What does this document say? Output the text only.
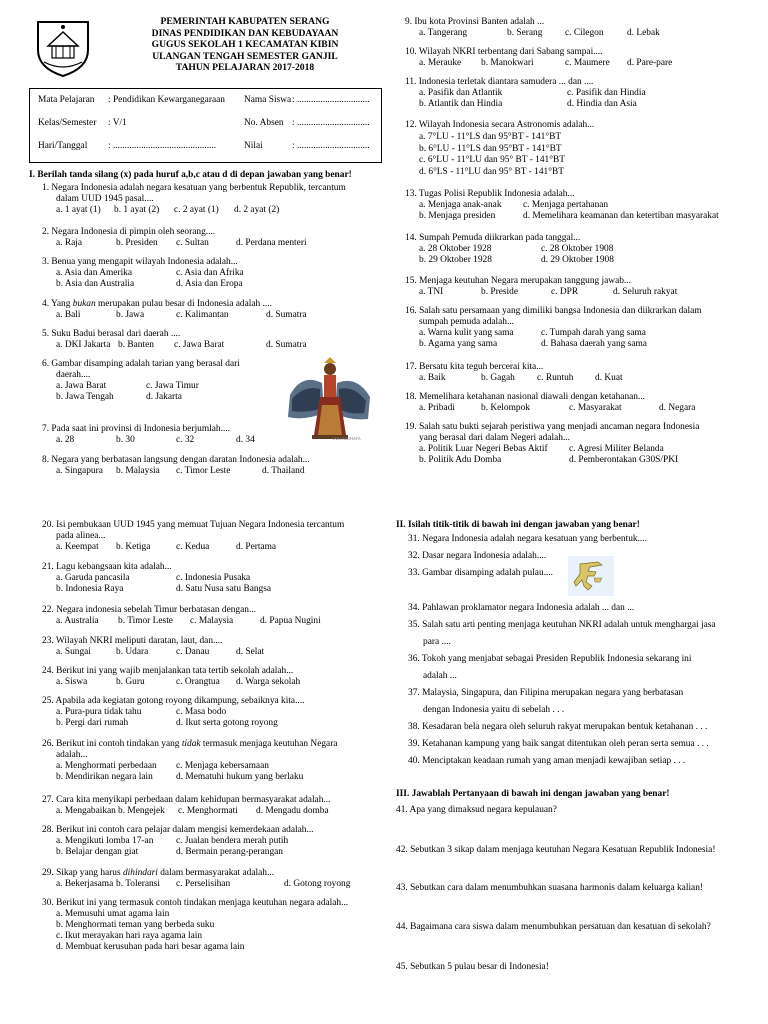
PEMERINTAH KABUPATEN SERANG
DINAS PENDIDIKAN DAN KEBUDAYAAN
GUGUS SEKOLAH 1 KECAMATAN KIBIN
ULANGAN TENGAH SEMESTER GANJIL
TAHUN PELAJARAN 2017-2018
Mata Pelajaran : Pendidikan Kewarganegaraan Nama Siswa : ...............................
Kelas/Semester : V/1	No. Absen : ...............................
Hari/Tanggal : ............................................	Nilai	: ...............................
I. Berilah tanda silang (x) pada huruf a,b,c atau d di depan jawaban yang benar!
1. Negara Indonesia adalah negara kesatuan yang berbentuk Republik, tercantum
dalam UUD 1945 pasal....
a. 1 ayat (1) b. 1 ayat (2) c. 2 ayat (1) d. 2 ayat (2)
2. Negara Indonesia di pimpin oleh seorang....
a. Raja	b. Presiden c. Sultan	d. Perdana menteri
3. Benua yang mengapit wilayah Indonesia adalah...
a. Asia dan Amerika	c. Asia dan Afrika
b. Asia dan Australia	d. Asia dan Eropa
4. Yang bukan merupakan pulau besar di Indonesia adalah ....
a. Bali	b. Jawa	c. Kalimantan	d. Sumatra
5. Suku Badui berasal dari daerah ....
a. DKI Jakarta b. Banten c. Jawa Barat	d. Sumatra
6. Gambar disamping adalah tarian yang berasal dari
daerah....
a. Jawa Barat	c. Jawa Timur
b. Jawa Tengah	d. Jakarta
TARI BEDHAYA
7. Pada saat ini provinsi di Indonesia berjumlah....
a. 28	b. 30	c. 32	d. 34
8. Negara yang berbatasan langsung dengan daratan Indonesia adalah...
a. Singapura b. Malaysia c. Timor Leste	d. Thailand
9. Ibu kota Provinsi Banten adalah ...
a. Tangerang	b. Serang c. Cilegon d. Lebak
10. Wilayah NKRI terbentang dari Sabang sampai....
a. Merauke b. Manokwari	c. Maumere d. Pare-pare
11. Indonesia terletak diantara samudera ... dan ....
a. Pasifik dan Atlantik	c. Pasifik dan Hindia
b. Atlantik dan Hindia	d. Hindia dan Asia
12. Wilayah Indonesia secara Astronomis adalah...
a. 7°LU - 11°LS dan 95°BT - 141°BT
b. 6°LU - 11°LS dan 95°BT - 141°BT
c. 6°LU - 11°LU dan 95° BT - 141°BT
d. 6°LS - 11°LU dan 95° BT - 141°BT
13. Tugas Polisi Republik Indonesia adalah...
a. Menjaga anak-anak c. Menjaga pertahanan
b. Menjaga presiden	d. Memelihara keamanan dan ketertiban masyarakat
14. Sumpah Pemuda diikrarkan pada tanggal...
a. 28 Oktober 1928	c. 28 Oktober 1908
b. 29 Oktober 1928	d. 29 Oktober 1908
15. Menjaga keutuhan Negara merupakan tanggung jawab...
a. TNI	b. Preside	c. DPR	d. Seluruh rakyat
16. Salah satu persamaan yang dimiliki bangsa Indonesia dan diikrarkan dalam
sumpah pemuda adalah...
a. Warna kulit yang sama	c. Tumpah darah yang sama
b. Agama yang sama	d. Bahasa daerah yang sama
17. Bersatu kita teguh bercerai kita...
a. Baik	b. Gagah c. Runtuh d. Kuat
18. Memelihara ketahanan nasional diawali dengan ketahanan...
a. Pribadi	b. Kelompok	c. Masyarakat	d. Negara
19. Salah satu bukti sejarah peristiwa yang menjadi ancaman negara Indonesia
yang berasal dari dalam Negeri adalah...
a. Politik Luar Negeri Bebas Aktif c. Agresi Militer Belanda
b. Politik Adu Domba	d. Pemberontakan G30S/PKI
20. Isi pembukaan UUD 1945 yang memuat Tujuan Negara Indonesia tercantum
pada alinea...
a. Keempat b. Ketiga	c. Kedua	d. Pertama
21. Lagu kebangsaan kita adalah...
a. Garuda pancasila	c. Indonesia Pusaka
b. Indonesia Raya	d. Satu Nusa satu Bangsa
22. Negara indonesia sebelah Timur berbatasan dengan...
a. Australia b. Timor Leste c. Malaysia	d. Papua Nugini
23. Wilayah NKRI meliputi daratan, laut, dan....
a. Sungai	b. Udara	c. Danau	d. Selat
24. Berikut ini yang wajib menjalankan tata tertib sekolah adalah...
a. Siswa	b. Guru	c. Orangtua d. Warga sekolah
25. Apabila ada kegiatan gotong royong dikampung, sebaiknya kita....
a. Pura-pura tidak tahu	c. Masa bodo
b. Pergi dari rumah	d. Ikut serta gotong royong
26. Berikut ini contoh tindakan yang tidak termasuk menjaga keutuhan Negara
adalah...
a. Menghormati perbedaan c. Menjaga kebersamaan
b. Mendirikan negara lain d. Mematuhi hukum yang berlaku
27. Cara kita menyikapi perbedaan dalam kehidupan bermasyarakat adalah...
a. Mengabaikan b. Mengejek c. Menghormati d. Mengadu domba
28. Berikut ini contoh cara pelajar dalam mengisi kemerdekaan adalah...
a. Mengikuti lomba 17-an c. Jualan bendera merah putih
b. Belajar dengan giat	d. Bermain perang-perangan
29. Sikap yang harus dihindari dalam bermasyarakat adalah...
a. Bekerjasama b. Toleransi c. Perselisihan	d. Gotong royong
30. Berikut ini yang termasuk contoh tindakan menjaga keutuhan negara adalah...
a. Memusuhi umat agama lain
b. Menghormati teman yang berbeda suku
c. Ikut merayakan hari raya agama lain
d. Membuat kerusuhan pada hari besar agama lain
II. Isilah titik-titik di bawah ini dengan jawaban yang benar!
31. Negara Indonesia adalah negara kesatuan yang berbentuk....
32. Dasar negara Indonesia adalah....
33. Gambar disamping adalah pulau....
34. Pahlawan proklamator negara Indonesia adalah ... dan ...
35. Salah satu arti penting menjaga keutuhan NKRI adalah untuk menghargai jasa
para ....
36. Tokoh yang menjabat sebagai Presiden Republik Indonesia sekarang ini
adalah ...
37. Malaysia, Singapura, dan Filipina merupakan negara yang berbatasan
dengan Indonesia yaitu di sebelah . . .
38. Kesadaran bela negara oleh seluruh rakyat merupakan bentuk ketahanan . . .
39. Ketahanan kampung yang baik sangat ditentukan oleh peran serta semua . . .
40. Menciptakan keadaan rumah yang aman menjadi kewajiban setiap . . .
III. Jawablah Pertanyaan di bawah ini dengan jawaban yang benar!
41. Apa yang dimaksud negara kepulauan?
42. Sebutkan 3 sikap dalam menjaga keutuhan Negara Kesatuan Republik Indonesia!
43. Sebutkan cara dalam menumbuhkan suasana harmonis dalam keluarga kalian!
44. Bagaimana cara siswa dalam menumbuhkan persatuan dan kesatuan di sekolah?
45. Sebutkan 5 pulau besar di Indonesia!
